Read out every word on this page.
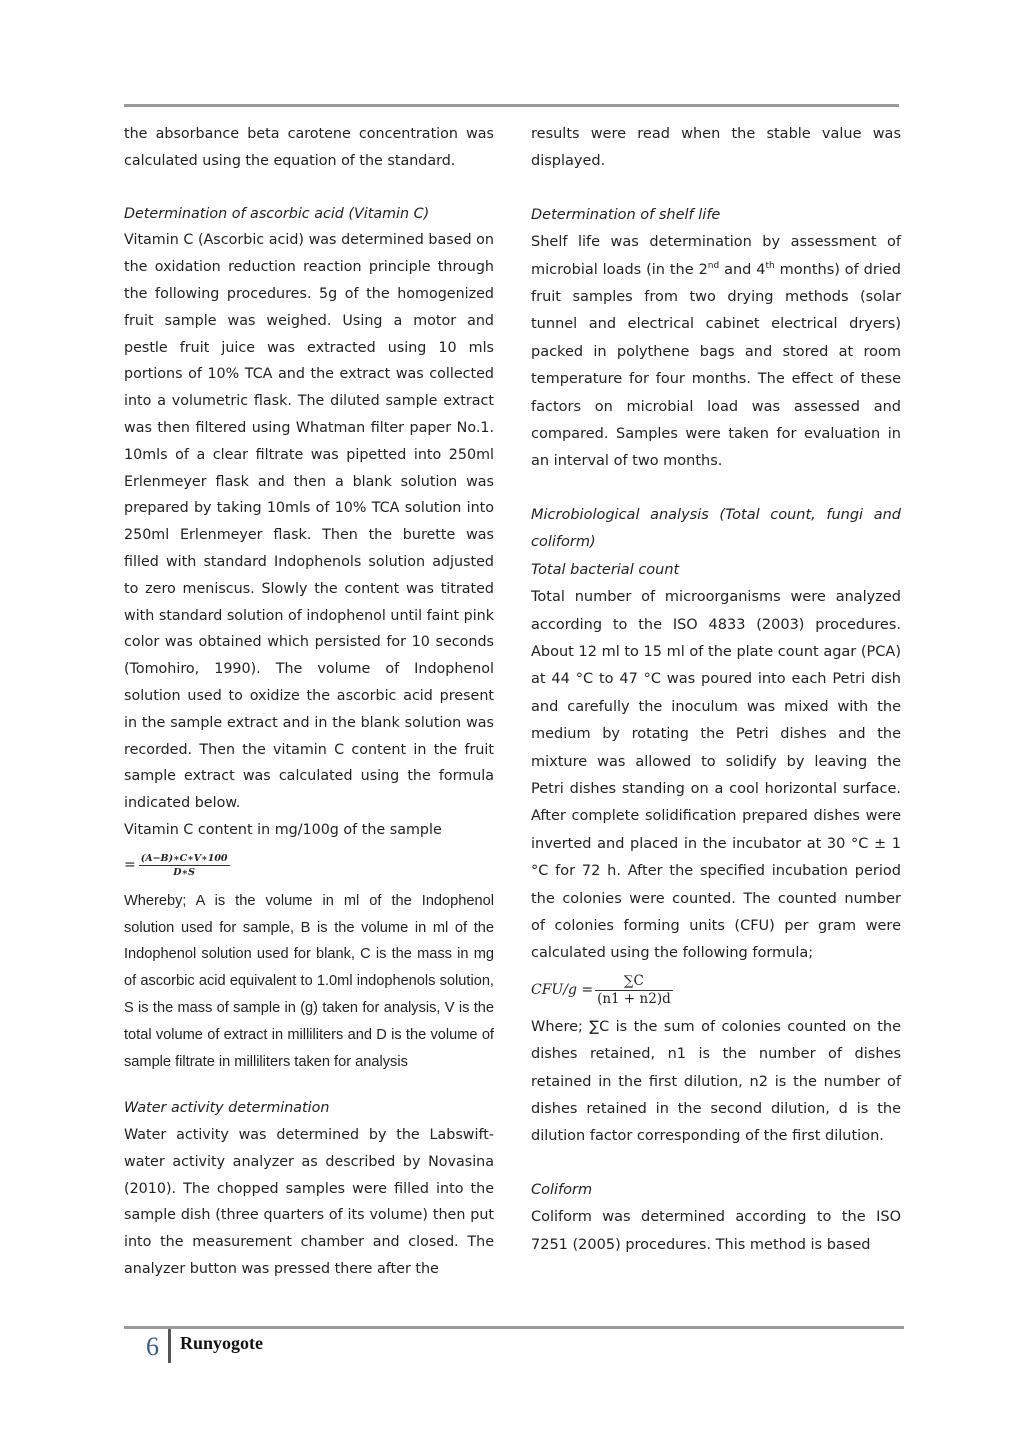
the absorbance beta carotene concentration was calculated using the equation of the standard.

Determination of ascorbic acid (Vitamin C)

Vitamin C (Ascorbic acid) was determined based on the oxidation reduction reaction principle through the following procedures. 5g of the homogenized fruit sample was weighed. Using a motor and pestle fruit juice was extracted using 10 mls portions of 10% TCA and the extract was collected into a volumetric flask. The diluted sample extract was then filtered using Whatman filter paper No.1. 10mls of a clear filtrate was pipetted into 250ml Erlenmeyer flask and then a blank solution was prepared by taking 10mls of 10% TCA solution into 250ml Erlenmeyer flask. Then the burette was filled with standard Indophenols solution adjusted to zero meniscus. Slowly the content was titrated with standard solution of indophenol until faint pink color was obtained which persisted for 10 seconds (Tomohiro, 1990). The volume of Indophenol solution used to oxidize the ascorbic acid present in the sample extract and in the blank solution was recorded. Then the vitamin C content in the fruit sample extract was calculated using the formula indicated below.

Vitamin C content in mg/100g of the sample

= $\frac{(A-B)∗C∗V∗100}{D∗S}$

Whereby; A is the volume in ml of the Indophenol solution used for sample, B is the volume in ml of the Indophenol solution used for blank, C is the mass in mg of ascorbic acid equivalent to 1.0ml indophenols solution, S is the mass of sample in (g) taken for analysis, V is the total volume of extract in milliliters and D is the volume of sample filtrate in milliliters taken for analysis

Water activity determination

Water activity was determined by the Labswift-water activity analyzer as described by Novasina (2010). The chopped samples were filled into the sample dish (three quarters of its volume) then put into the measurement chamber and closed. The analyzer button was pressed there after the

results were read when the stable value was displayed.

Determination of shelf life

Shelf life was determination by assessment of microbial loads (in the 2nd and 4th months) of dried fruit samples from two drying methods (solar tunnel and electrical cabinet electrical dryers) packed in polythene bags and stored at room temperature for four months. The effect of these factors on microbial load was assessed and compared. Samples were taken for evaluation in an interval of two months.

Microbiological analysis (Total count, fungi and coliform)

Total bacterial count

Total number of microorganisms were analyzed according to the ISO 4833 (2003) procedures. About 12 ml to 15 ml of the plate count agar (PCA) at 44 °C to 47 °C was poured into each Petri dish and carefully the inoculum was mixed with the medium by rotating the Petri dishes and the mixture was allowed to solidify by leaving the Petri dishes standing on a cool horizontal surface. After complete solidification prepared dishes were inverted and placed in the incubator at 30 °C ± 1 °C for 72 h. After the specified incubation period the colonies were counted. The counted number of colonies forming units (CFU) per gram were calculated using the following formula;

$CFU/g = \frac{\sum C}{(n1 + n2)d}$

Where; ∑C is the sum of colonies counted on the dishes retained, n1 is the number of dishes retained in the first dilution, n2 is the number of dishes retained in the second dilution, d is the dilution factor corresponding of the first dilution.

Coliform

Coliform was determined according to the ISO 7251 (2005) procedures. This method is based

6 Runyogote
